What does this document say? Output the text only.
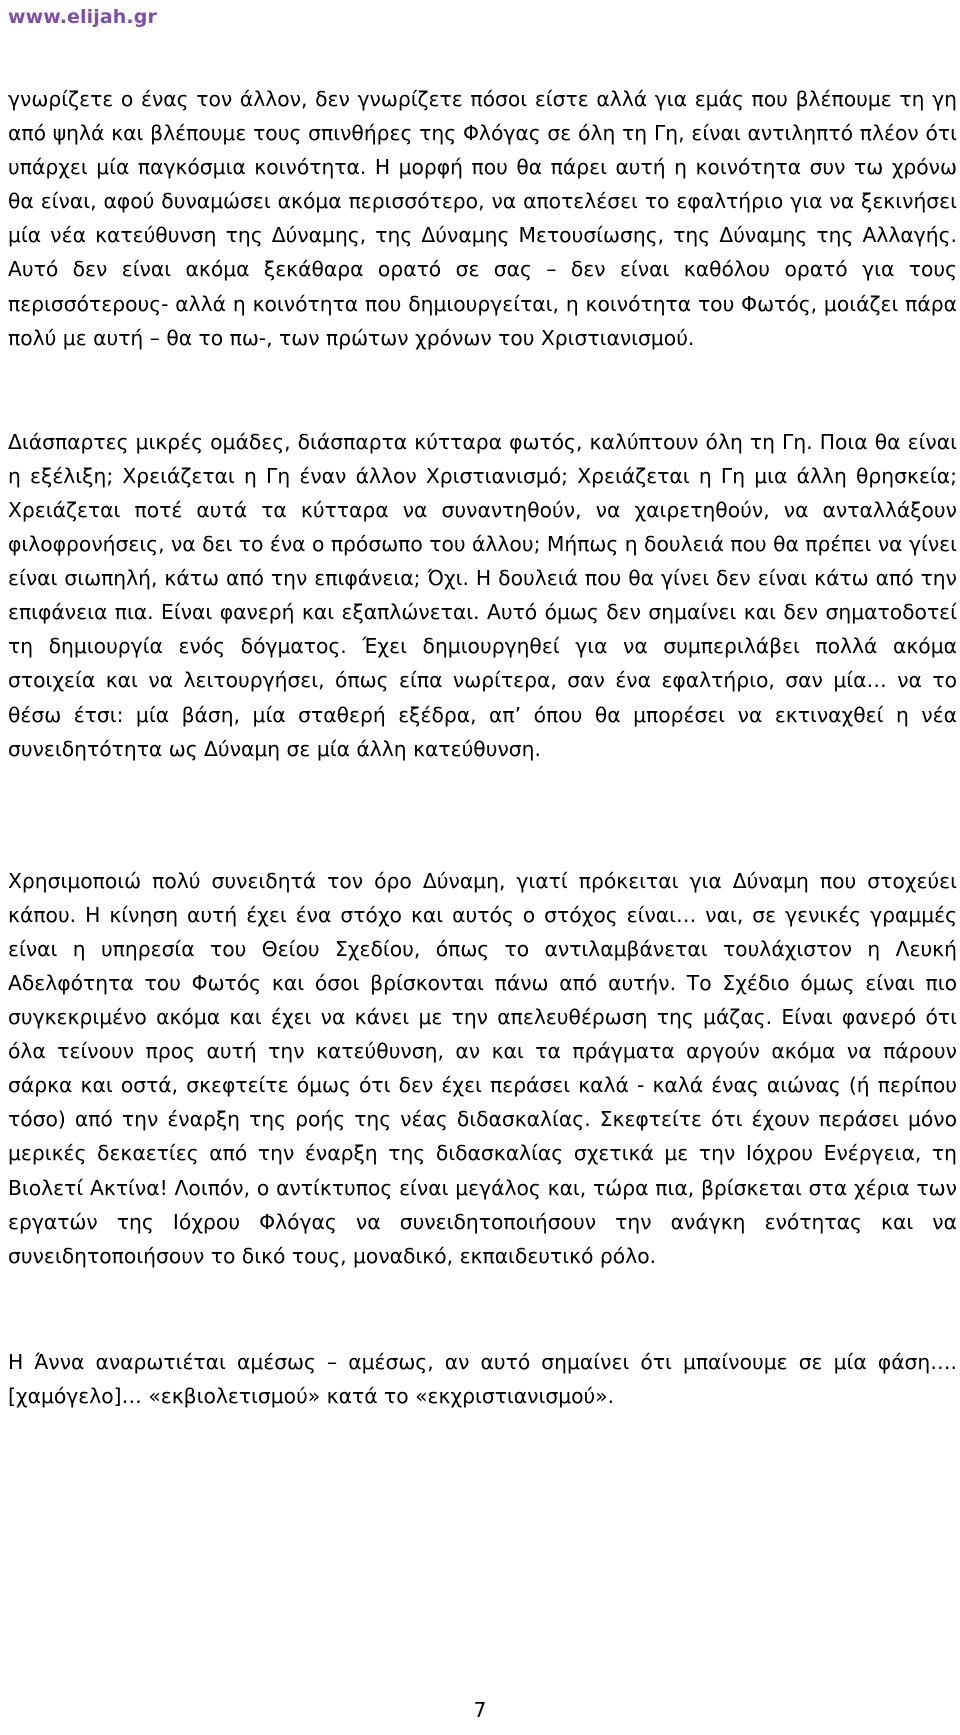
www.elijah.gr

γνωρίζετε ο ένας τον άλλον, δεν γνωρίζετε πόσοι είστε αλλά για εμάς που βλέπουμε τη γη από ψηλά και βλέπουμε τους σπινθήρες της Φλόγας σε όλη τη Γη, είναι αντιληπτό πλέον ότι υπάρχει μία παγκόσμια κοινότητα. Η μορφή που θα πάρει αυτή η κοινότητα συν τω χρόνω θα είναι, αφού δυναμώσει ακόμα περισσότερο, να αποτελέσει το εφαλτήριο για να ξεκινήσει μία νέα κατεύθυνση της Δύναμης, της Δύναμης Μετουσίωσης, της Δύναμης της Αλλαγής. Αυτό δεν είναι ακόμα ξεκάθαρα ορατό σε σας – δεν είναι καθόλου ορατό για τους περισσότερους- αλλά η κοινότητα που δημιουργείται, η κοινότητα του Φωτός, μοιάζει πάρα πολύ με αυτή – θα το πω-, των πρώτων χρόνων του Χριστιανισμού.

Διάσπαρτες μικρές ομάδες, διάσπαρτα κύτταρα φωτός, καλύπτουν όλη τη Γη. Ποια θα είναι η εξέλιξη; Χρειάζεται η Γη έναν άλλον Χριστιανισμό; Χρειάζεται η Γη μια άλλη θρησκεία; Χρειάζεται ποτέ αυτά τα κύτταρα να συναντηθούν, να χαιρετηθούν, να ανταλλάξουν φιλοφρονήσεις, να δει το ένα ο πρόσωπο του άλλου; Μήπως η δουλειά που θα πρέπει να γίνει είναι σιωπηλή, κάτω από την επιφάνεια; Όχι. Η δουλειά που θα γίνει δεν είναι κάτω από την επιφάνεια πια. Είναι φανερή και εξαπλώνεται. Αυτό όμως δεν σημαίνει και δεν σηματοδοτεί τη δημιουργία ενός δόγματος. Έχει δημιουργηθεί για να συμπεριλάβει πολλά ακόμα στοιχεία και να λειτουργήσει, όπως είπα νωρίτερα, σαν ένα εφαλτήριο, σαν μία… να το θέσω έτσι: μία βάση, μία σταθερή εξέδρα, απ’ όπου θα μπορέσει να εκτιναχθεί η νέα συνειδητότητα ως Δύναμη σε μία άλλη κατεύθυνση.

Χρησιμοποιώ πολύ συνειδητά τον όρο Δύναμη, γιατί πρόκειται για Δύναμη που στοχεύει κάπου. Η κίνηση αυτή έχει ένα στόχο και αυτός ο στόχος είναι… ναι, σε γενικές γραμμές είναι η υπηρεσία του Θείου Σχεδίου, όπως το αντιλαμβάνεται τουλάχιστον η Λευκή Αδελφότητα του Φωτός και όσοι βρίσκονται πάνω από αυτήν. Το Σχέδιο όμως είναι πιο συγκεκριμένο ακόμα και έχει να κάνει με την απελευθέρωση της μάζας. Είναι φανερό ότι όλα τείνουν προς αυτή την κατεύθυνση, αν και τα πράγματα αργούν ακόμα να πάρουν σάρκα και οστά, σκεφτείτε όμως ότι δεν έχει περάσει καλά - καλά ένας αιώνας (ή περίπου τόσο) από την έναρξη της ροής της νέας διδασκαλίας. Σκεφτείτε ότι έχουν περάσει μόνο μερικές δεκαετίες από την έναρξη της διδασκαλίας σχετικά με την Ιόχρου Ενέργεια, τη Βιολετί Ακτίνα! Λοιπόν, ο αντίκτυπος είναι μεγάλος και, τώρα πια, βρίσκεται στα χέρια των εργατών της Ιόχρου Φλόγας να συνειδητοποιήσουν την ανάγκη ενότητας και να συνειδητοποιήσουν το δικό τους, μοναδικό, εκπαιδευτικό ρόλο.

Η Άννα αναρωτιέται αμέσως – αμέσως, αν αυτό σημαίνει ότι μπαίνουμε σε μία φάση…. [χαμόγελο]… «εκβιολετισμού» κατά το «εκχριστιανισμού».

7
